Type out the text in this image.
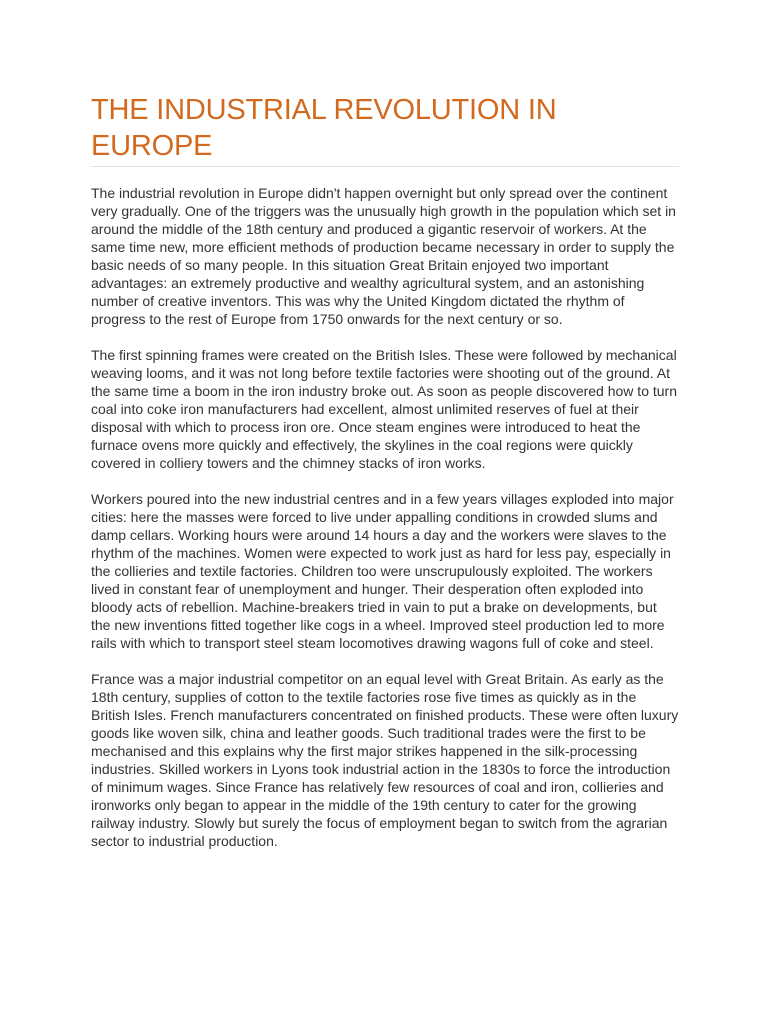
THE INDUSTRIAL REVOLUTION IN EUROPE

The industrial revolution in Europe didn't happen overnight but only spread over the continent very gradually. One of the triggers was the unusually high growth in the population which set in around the middle of the 18th century and produced a gigantic reservoir of workers. At the same time new, more efficient methods of production became necessary in order to supply the basic needs of so many people. In this situation Great Britain enjoyed two important advantages: an extremely productive and wealthy agricultural system, and an astonishing number of creative inventors. This was why the United Kingdom dictated the rhythm of progress to the rest of Europe from 1750 onwards for the next century or so.

The first spinning frames were created on the British Isles. These were followed by mechanical weaving looms, and it was not long before textile factories were shooting out of the ground. At the same time a boom in the iron industry broke out. As soon as people discovered how to turn coal into coke iron manufacturers had excellent, almost unlimited reserves of fuel at their disposal with which to process iron ore. Once steam engines were introduced to heat the furnace ovens more quickly and effectively, the skylines in the coal regions were quickly covered in colliery towers and the chimney stacks of iron works.

Workers poured into the new industrial centres and in a few years villages exploded into major cities: here the masses were forced to live under appalling conditions in crowded slums and damp cellars. Working hours were around 14 hours a day and the workers were slaves to the rhythm of the machines. Women were expected to work just as hard for less pay, especially in the collieries and textile factories. Children too were unscrupulously exploited. The workers lived in constant fear of unemployment and hunger. Their desperation often exploded into bloody acts of rebellion. Machine-breakers tried in vain to put a brake on developments, but the new inventions fitted together like cogs in a wheel. Improved steel production led to more rails with which to transport steel steam locomotives drawing wagons full of coke and steel.

France was a major industrial competitor on an equal level with Great Britain. As early as the 18th century, supplies of cotton to the textile factories rose five times as quickly as in the British Isles. French manufacturers concentrated on finished products. These were often luxury goods like woven silk, china and leather goods. Such traditional trades were the first to be mechanised and this explains why the first major strikes happened in the silk-processing industries. Skilled workers in Lyons took industrial action in the 1830s to force the introduction of minimum wages. Since France has relatively few resources of coal and iron, collieries and ironworks only began to appear in the middle of the 19th century to cater for the growing railway industry. Slowly but surely the focus of employment began to switch from the agrarian sector to industrial production.
